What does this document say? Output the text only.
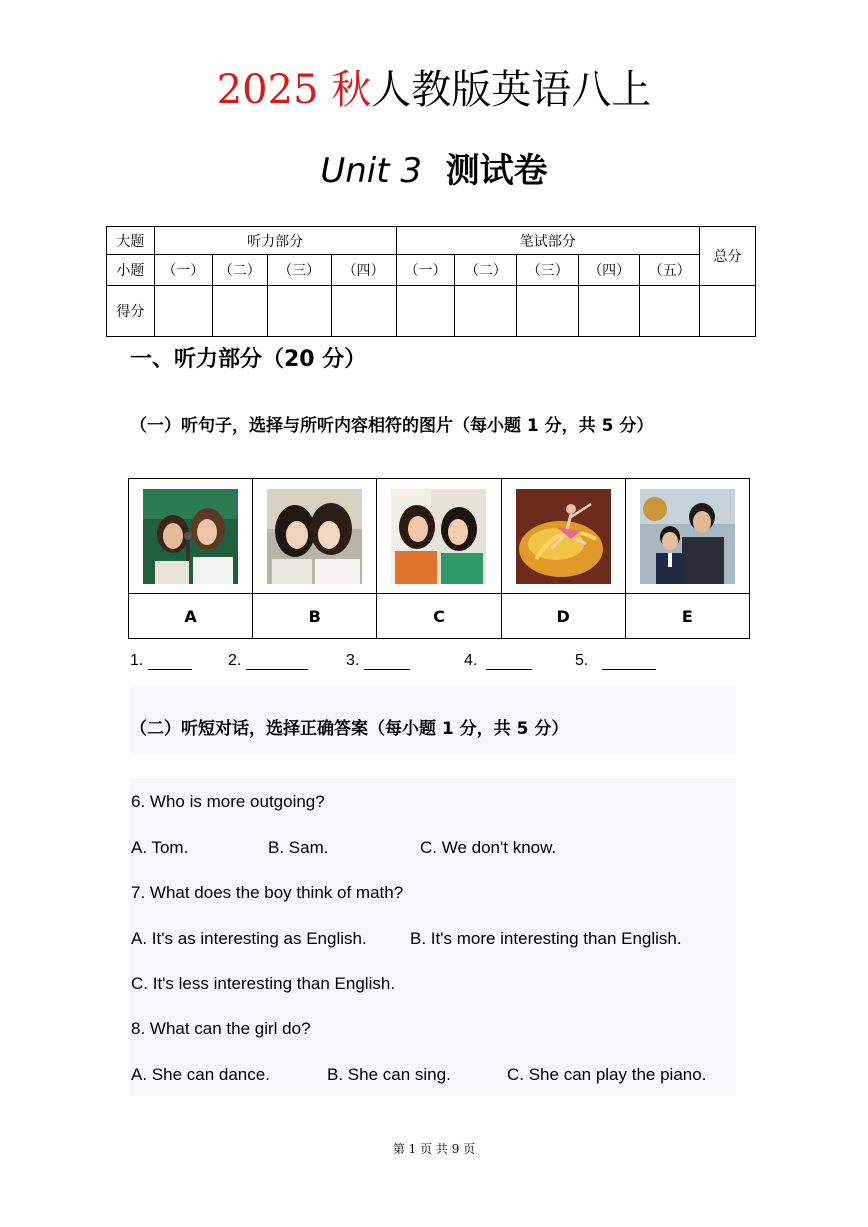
2025 秋人教版英语八上
Unit 3 测试卷
大题	听力部分				笔试部分					总分
小题	（一）	（二）	（三）	（四）	（一）	（二）	（三）	（四）	（五）	
得分										
一、听力部分（20 分）
（一）听句子，选择与所听内容相符的图片（每小题 1 分，共 5 分）

A	B	C	D	E
1.	2.	3.	4.	5.
（二）听短对话，选择正确答案（每小题 1 分，共 5 分）
6. Who is more outgoing?
A. Tom.	B. Sam.	C. We don't know.
7. What does the boy think of math?
A. It's as interesting as English.	B. It's more interesting than English.
C. It's less interesting than English.
8. What can the girl do?
A. She can dance.	B. She can sing.	C. She can play the piano.
第 1 页 共 9 页
